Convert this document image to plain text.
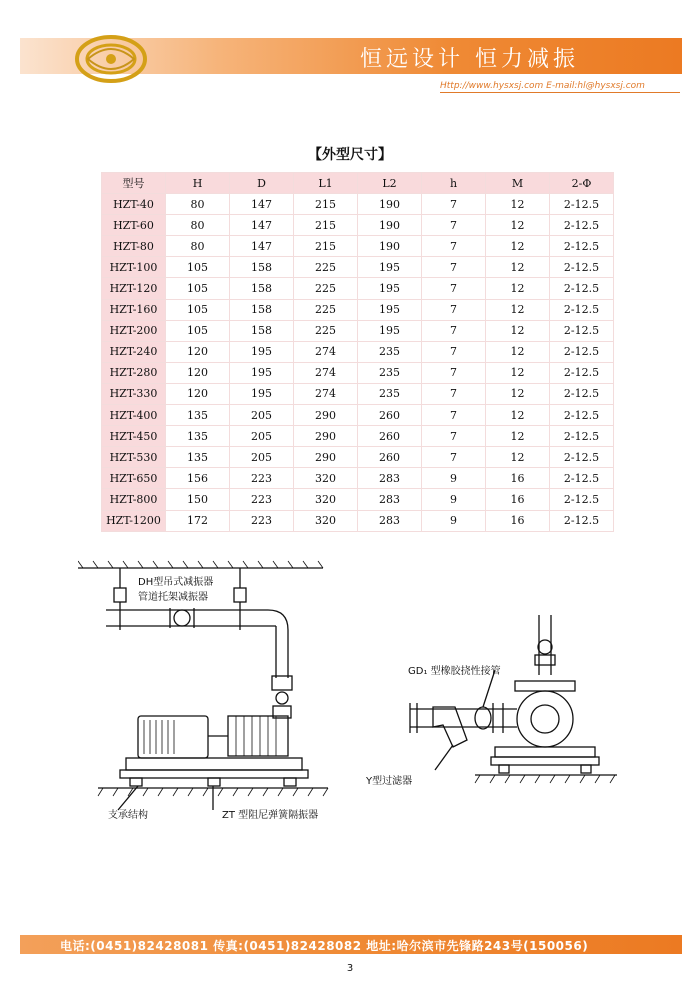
恒远设计 恒力减振
Http://www.hysxsj.com E-mail:hl@hysxsj.com
【外型尺寸】
型号	H	D	L1	L2	h	M	2-Φ
HZT-40	80	147	215	190	7	12	2-12.5
HZT-60	80	147	215	190	7	12	2-12.5
HZT-80	80	147	215	190	7	12	2-12.5
HZT-100	105	158	225	195	7	12	2-12.5
HZT-120	105	158	225	195	7	12	2-12.5
HZT-160	105	158	225	195	7	12	2-12.5
HZT-200	105	158	225	195	7	12	2-12.5
HZT-240	120	195	274	235	7	12	2-12.5
HZT-280	120	195	274	235	7	12	2-12.5
HZT-330	120	195	274	235	7	12	2-12.5
HZT-400	135	205	290	260	7	12	2-12.5
HZT-450	135	205	290	260	7	12	2-12.5
HZT-530	135	205	290	260	7	12	2-12.5
HZT-650	156	223	320	283	9	16	2-12.5
HZT-800	150	223	320	283	9	16	2-12.5
HZT-1200	172	223	320	283	9	16	2-12.5
DH型吊式减振器
管道托架减振器
支承结构	ZT 型阻尼弹簧隔振器
GD₁ 型橡胶挠性接管
Y型过滤器
电话:(0451)82428081 传真:(0451)82428082 地址:哈尔滨市先锋路243号(150056)
3
